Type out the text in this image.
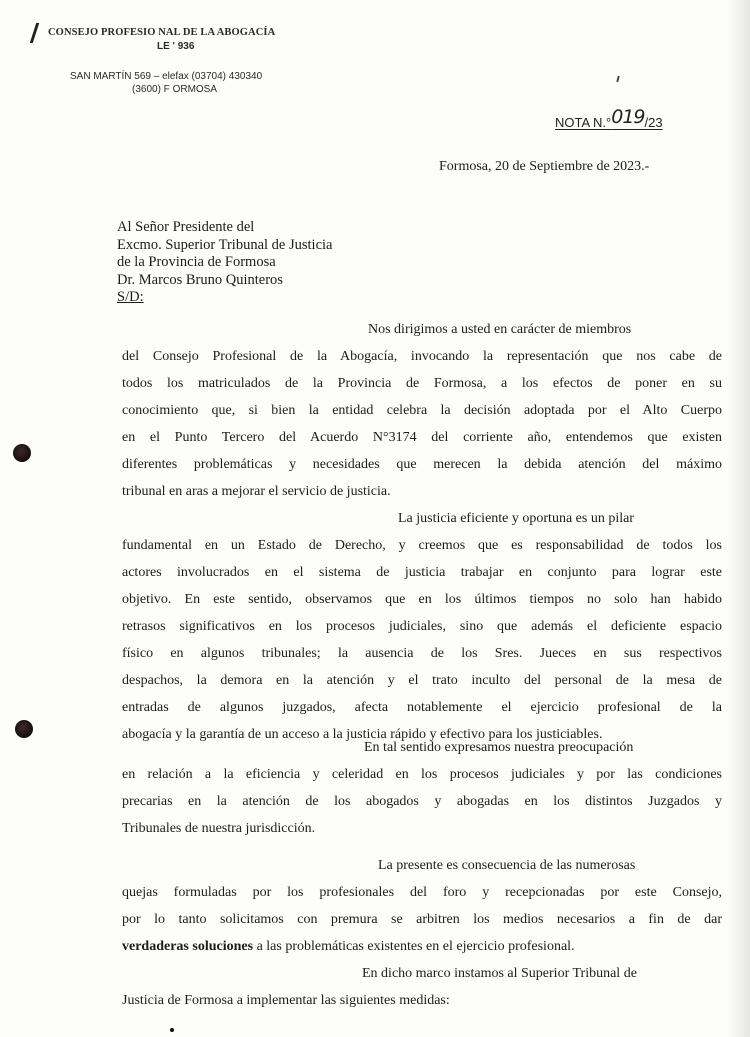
CONSEJO PROFESIO NAL DE LA ABOGACÍA
LE ' 936
SAN MARTÍN 569 – elefax (03704) 430340
(3600) F ORMOSA
NOTA N.°019/23
Formosa, 20 de Septiembre de 2023.-
Al Señor Presidente del
Excmo. Superior Tribunal de Justicia
de la Provincia de Formosa
Dr. Marcos Bruno Quinteros
S/D:
Nos dirigimos a usted en carácter de miembros
del Consejo Profesional de la Abogacía, invocando la representación que nos cabe de
todos los matriculados de la Provincia de Formosa, a los efectos de poner en su
conocimiento que, si bien la entidad celebra la decisión adoptada por el Alto Cuerpo
en el Punto Tercero del Acuerdo N°3174 del corriente año, entendemos que existen
diferentes problemáticas y necesidades que merecen la debida atención del máximo
tribunal en aras a mejorar el servicio de justicia.
La justicia eficiente y oportuna es un pilar
fundamental en un Estado de Derecho, y creemos que es responsabilidad de todos los
actores involucrados en el sistema de justicia trabajar en conjunto para lograr este
objetivo. En este sentido, observamos que en los últimos tiempos no solo han habido
retrasos significativos en los procesos judiciales, sino que además el deficiente espacio
físico en algunos tribunales; la ausencia de los Sres. Jueces en sus respectivos
despachos, la demora en la atención y el trato inculto del personal de la mesa de
entradas de algunos juzgados, afecta notablemente el ejercicio profesional de la
abogacía y la garantía de un acceso a la justicia rápido y efectivo para los justiciables.
En tal sentido expresamos nuestra preocupación
en relación a la eficiencia y celeridad en los procesos judiciales y por las condiciones
precarias en la atención de los abogados y abogadas en los distintos Juzgados y
Tribunales de nuestra jurisdicción.
La presente es consecuencia de las numerosas
quejas formuladas por los profesionales del foro y recepcionadas por este Consejo,
por lo tanto solicitamos con premura se arbitren los medios necesarios a fin de dar
verdaderas soluciones a las problemáticas existentes en el ejercicio profesional.
En dicho marco instamos al Superior Tribunal de
Justicia de Formosa a implementar las siguientes medidas:
